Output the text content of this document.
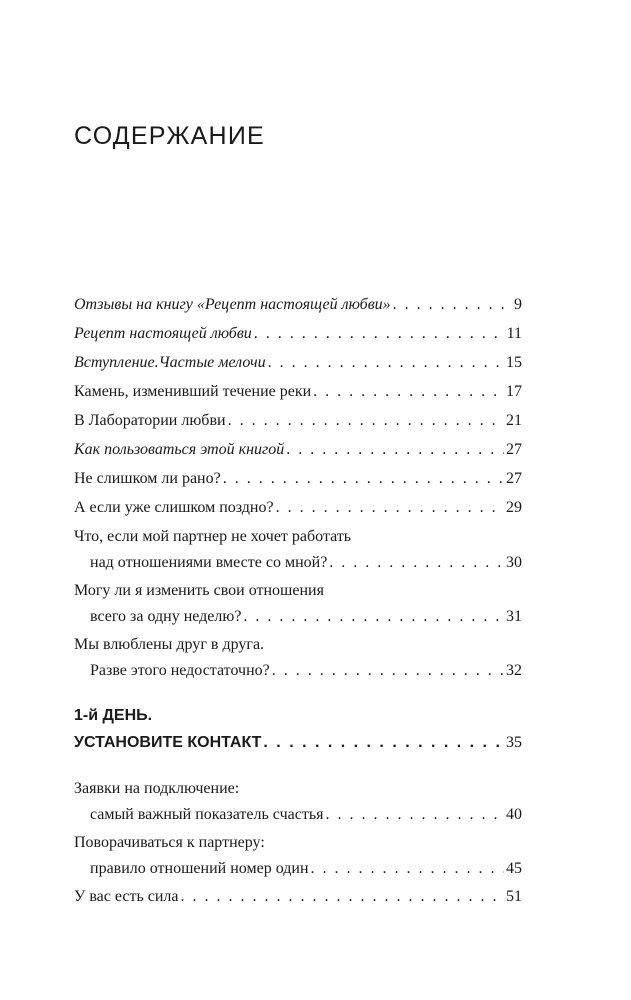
СОДЕРЖАНИЕ
Отзывы на книгу «Рецепт настоящей любви» . . .	9
Рецепт настоящей любви . . .	11
Вступление.Частые мелочи . . .	15
Камень, изменивший течение реки . . .	17
В Лаборатории любви . . .	21
Как пользоваться этой книгой . . .	27
Не слишком ли рано? . . .	27
А если уже слишком поздно? . . .	29
Что, если мой партнер не хочет работать
над отношениями вместе со мной? . . .	30
Могу ли я изменить свои отношения
всего за одну неделю? . . .	31
Мы влюблены друг в друга.
Разве этого недостаточно? . . .	32
1-й ДЕНЬ.
УСТАНОВИТЕ КОНТАКТ . . .	35
Заявки на подключение:
самый важный показатель счастья . . .	40
Поворачиваться к партнеру:
правило отношений номер один . . .	45
У вас есть сила . . .	51
